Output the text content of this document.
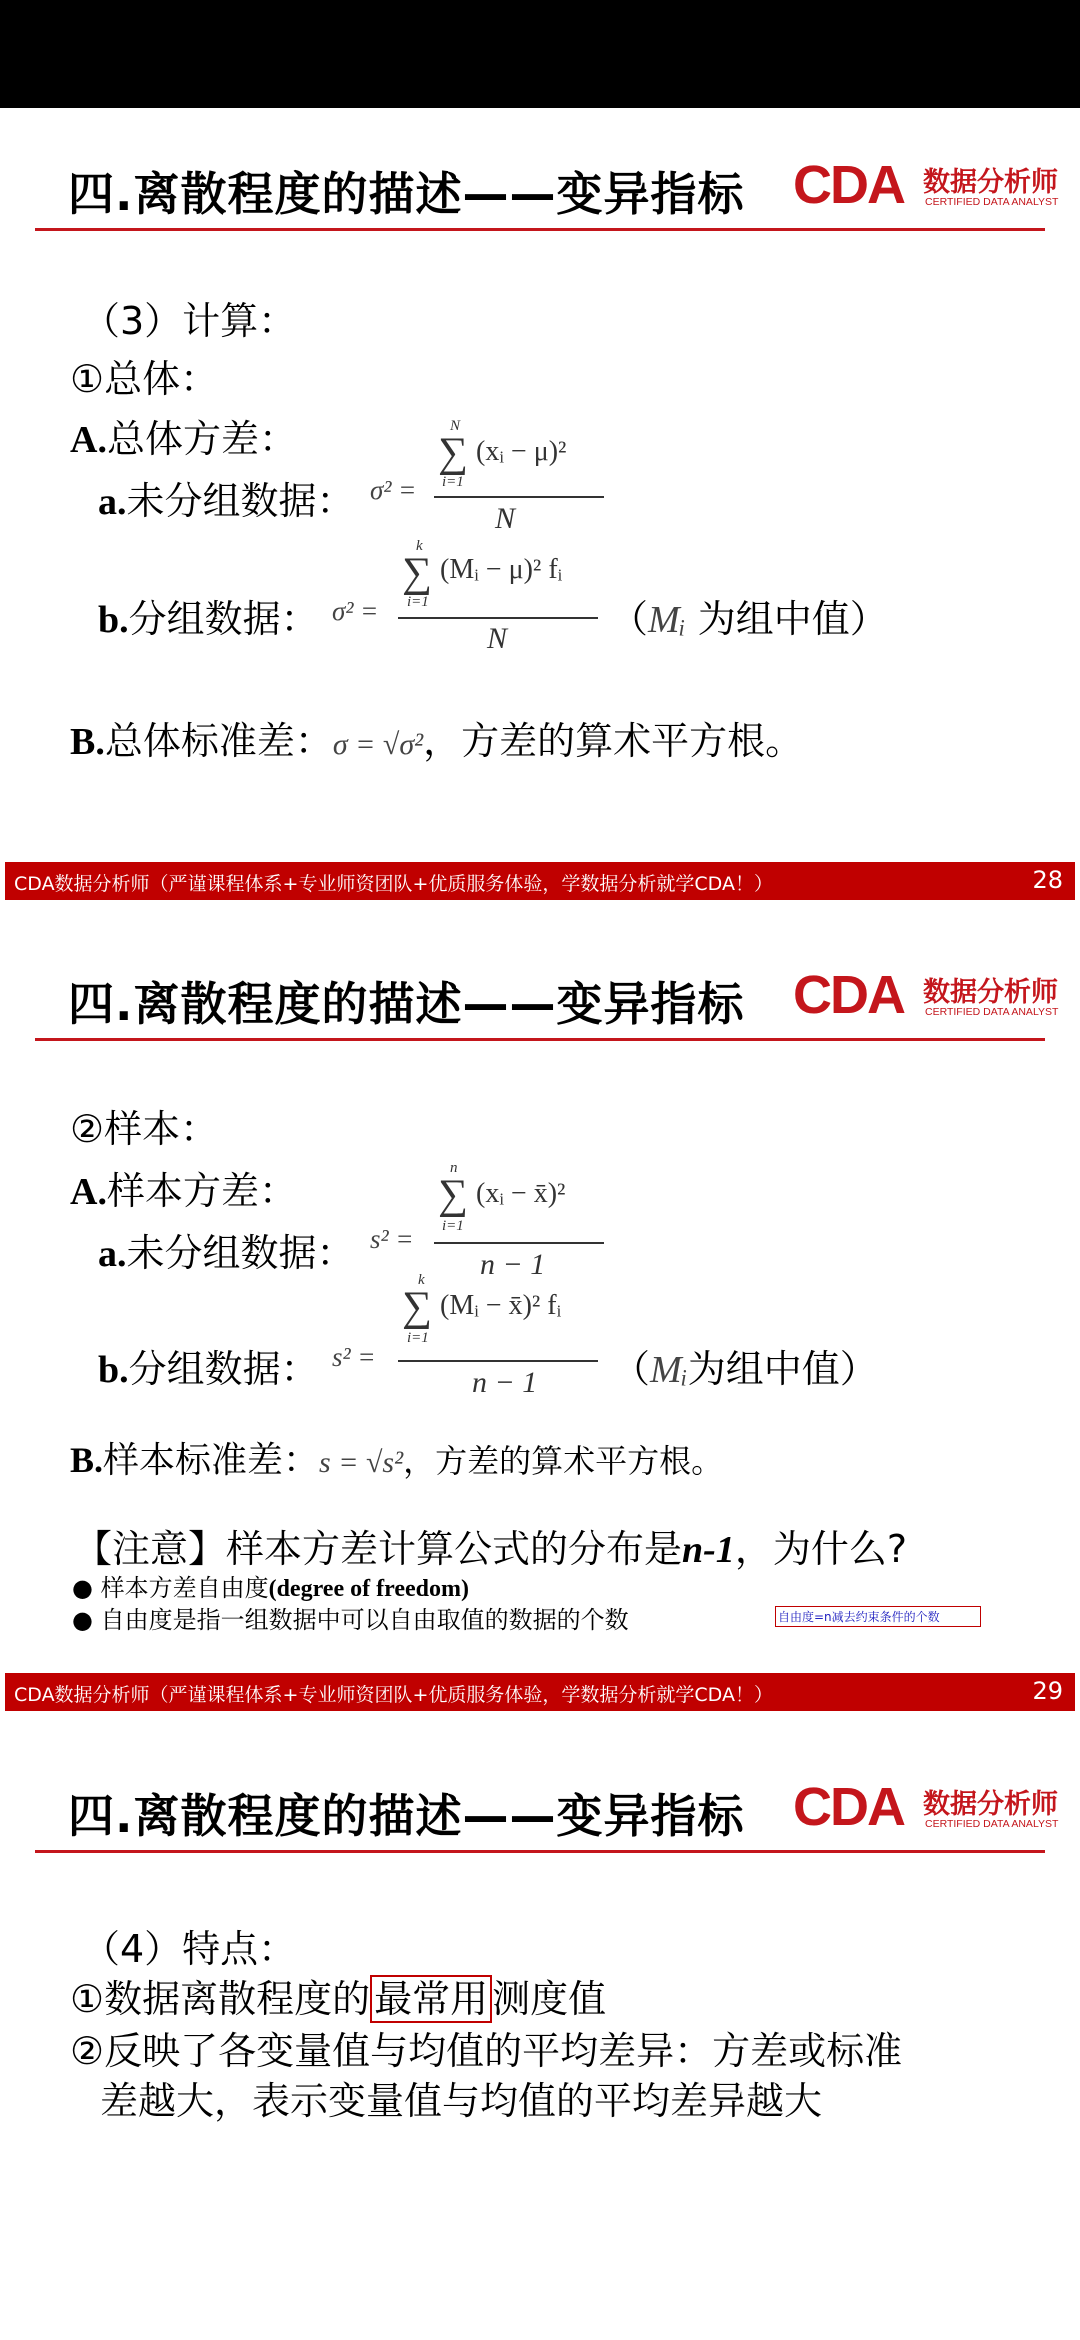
四.离散程度的描述——变异指标 CDA 数据分析师
CERTIFIED DATA ANALYST
（3）计算：
①总体：
A.总体方差：
a.未分组数据： σ² =
N
∑
i=1
(xᵢ − μ)²
N
b.分组数据： σ² =
k
∑
i=1
(Mᵢ − μ)² fᵢ
N	（Mᵢ 为组中值）
B.总体标准差：σ = √σ²，方差的算术平方根。
CDA数据分析师（严谨课程体系+专业师资团队+优质服务体验，学数据分析就学CDA！）	28
四.离散程度的描述——变异指标 CDA 数据分析师
CERTIFIED DATA ANALYST
②样本：
A.样本方差：
a.未分组数据： s² =
n
∑
i=1
(xᵢ − x̄)²
n − 1
b.分组数据： s² =
k
∑
i=1
(Mᵢ − x̄)² fᵢ
n − 1 （Mᵢ为组中值）
B.样本标准差：s = √s²，方差的算术平方根。
【注意】样本方差计算公式的分布是n-1，为什么?
● 样本方差自由度(degree of freedom)
● 自由度是指一组数据中可以自由取值的数据的个数	自由度=n减去约束条件的个数
CDA数据分析师（严谨课程体系+专业师资团队+优质服务体验，学数据分析就学CDA！）	29
四.离散程度的描述——变异指标 CDA 数据分析师
CERTIFIED DATA ANALYST
（4）特点：
①数据离散程度的 最常用 测度值
②反映了各变量值与均值的平均差异：方差或标准
差越大，表示变量值与均值的平均差异越大
